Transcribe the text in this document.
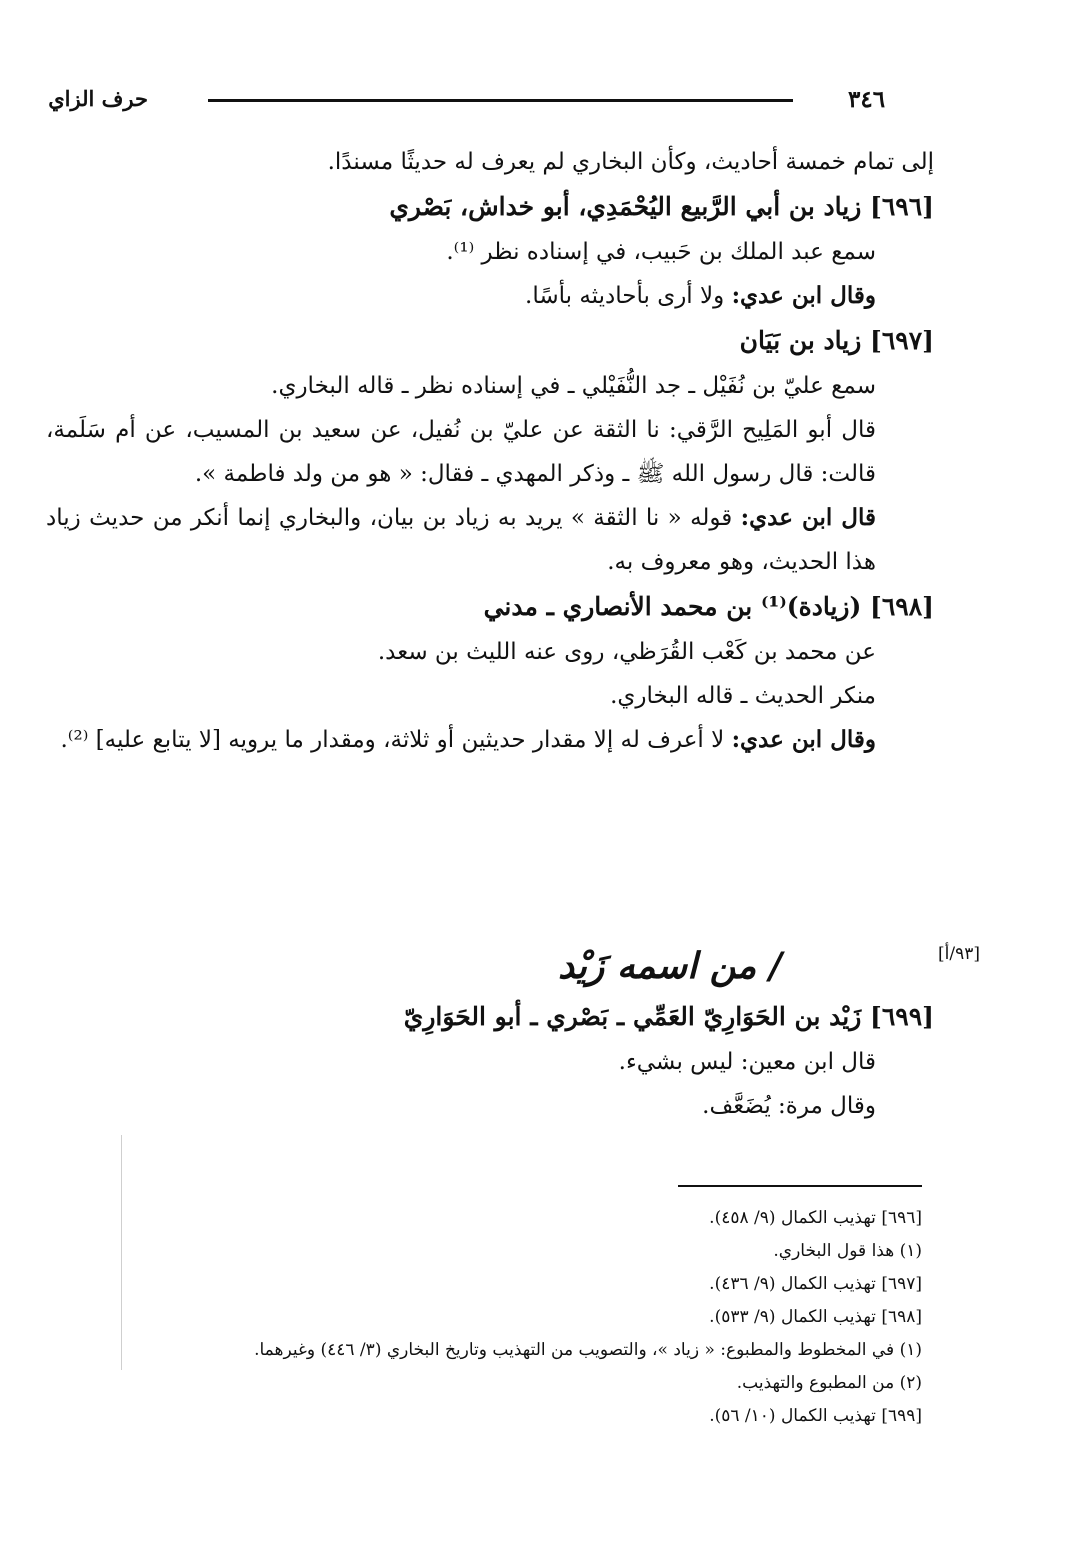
٣٤٦
حرف الزاي

إلى تمام خمسة أحاديث، وكأن البخاري لم يعرف له حديثًا مسندًا.

[٦٩٦] زياد بن أبي الرَّبيع اليُحْمَدِي، أبو خداش، بَصْري

سمع عبد الملك بن حَبيب، في إسناده نظر ⁽¹⁾.

وقال ابن عدي: ولا أرى بأحاديثه بأسًا.

[٦٩٧] زياد بن بَيَان

سمع عليّ بن نُفَيْل ـ جد النُّفَيْلي ـ في إسناده نظر ـ قاله البخاري.

قال أبو المَلِيح الرَّقي: نا الثقة عن عليّ بن نُفيل، عن سعيد بن المسيب، عن أم سَلَمة، قالت: قال رسول الله ﷺ ـ وذكر المهدي ـ فقال: « هو من ولد فاطمة ».

قال ابن عدي: قوله « نا الثقة » يريد به زياد بن بيان، والبخاري إنما أنكر من حديث زياد هذا الحديث، وهو معروف به.

[٦٩٨] (زيادة)⁽¹⁾ بن محمد الأنصاري ـ مدني

عن محمد بن كَعْب القُرَظي، روى عنه الليث بن سعد.

منكر الحديث ـ قاله البخاري.

وقال ابن عدي: لا أعرف له إلا مقدار حديثين أو ثلاثة، ومقدار ما يرويه [لا يتابع عليه] ⁽²⁾.

[٩٣/أ]

/ من اسمه زَيْد

[٦٩٩] زَيْد بن الحَوَارِيّ العَمِّي ـ بَصْري ـ أبو الحَوَارِيّ

قال ابن معين: ليس بشيء.

وقال مرة: يُضَعَّف.

[٦٩٦] تهذيب الكمال (٩/ ٤٥٨).

(١) هذا قول البخاري.

[٦٩٧] تهذيب الكمال (٩/ ٤٣٦).

[٦٩٨] تهذيب الكمال (٩/ ٥٣٣).

(١) في المخطوط والمطبوع: « زياد »، والتصويب من التهذيب وتاريخ البخاري (٣/ ٤٤٦) وغيرهما.

(٢) من المطبوع والتهذيب.

[٦٩٩] تهذيب الكمال (١٠/ ٥٦).
